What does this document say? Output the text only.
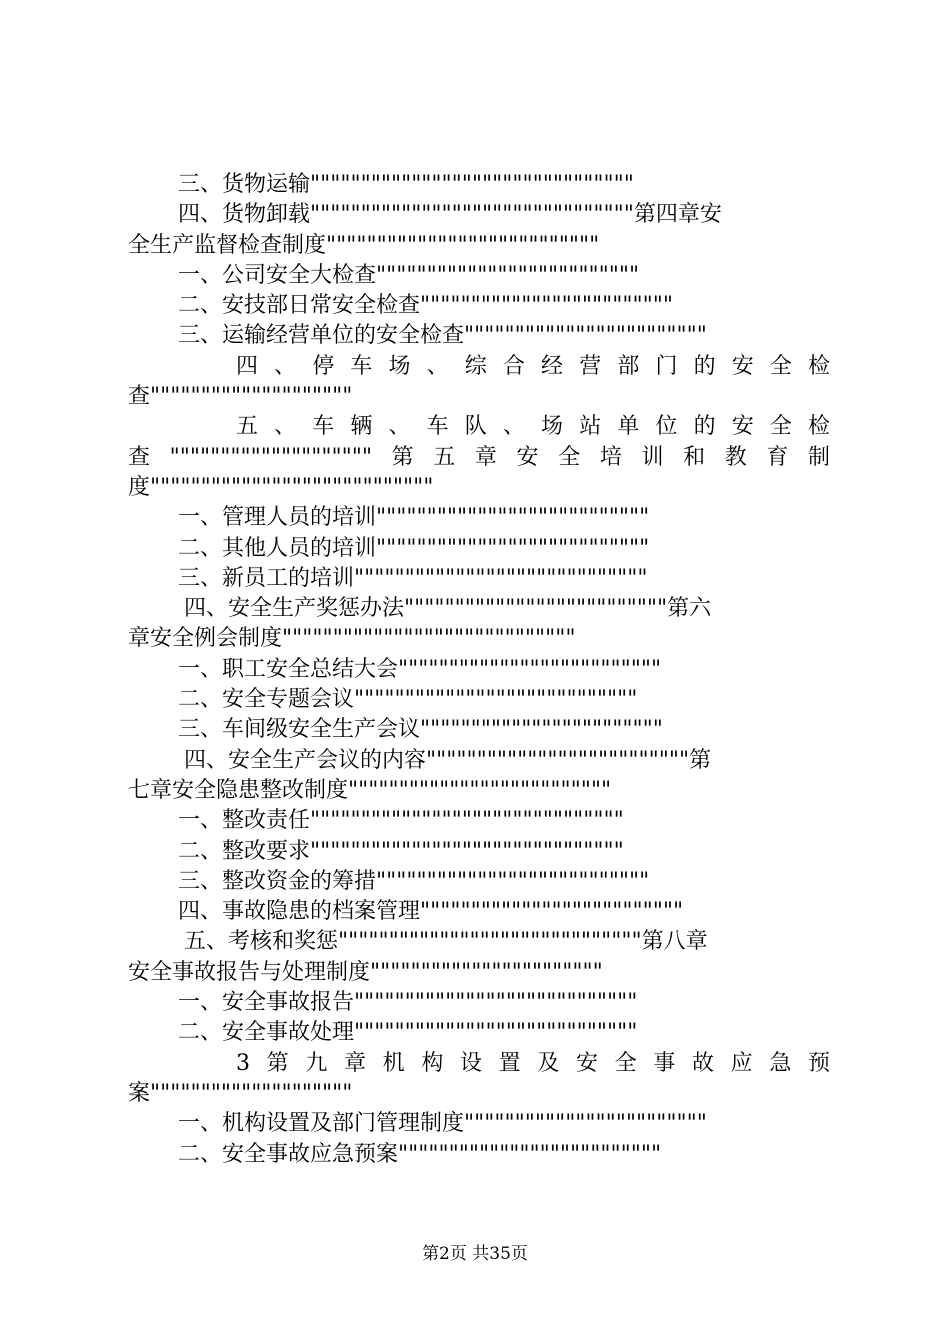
三、货物运输""""""""""""""""""""""""""""""""
四、货物卸载""""""""""""""""""""""""""""""""第四章安
全生产监督检查制度"""""""""""""""""""""""""""
一、公司安全大检查""""""""""""""""""""""""""
二、安技部日常安全检查"""""""""""""""""""""""""
三、运输经营单位的安全检查""""""""""""""""""""""""
四、停车场、综合经营部门的安全检
查""""""""""""""""""""
五、车辆、车队、场站单位的安全检
查""""""""""""""""""""第五章安全培训和教育制
度""""""""""""""""""""""""""""
一、管理人员的培训"""""""""""""""""""""""""""
二、其他人员的培训"""""""""""""""""""""""""""
三、新员工的培训"""""""""""""""""""""""""""""
四、安全生产奖惩办法""""""""""""""""""""""""""第六
章安全例会制度"""""""""""""""""""""""""""""
一、职工安全总结大会""""""""""""""""""""""""""
二、安全专题会议""""""""""""""""""""""""""""
三、车间级安全生产会议""""""""""""""""""""""""
四、安全生产会议的内容""""""""""""""""""""""""""第
七章安全隐患整改制度""""""""""""""""""""""""""
一、整改责任"""""""""""""""""""""""""""""""
二、整改要求"""""""""""""""""""""""""""""""
三、整改资金的筹措"""""""""""""""""""""""""""
四、事故隐患的档案管理""""""""""""""""""""""""""
五、考核和奖惩""""""""""""""""""""""""""""""第八章
安全事故报告与处理制度"""""""""""""""""""""""
一、安全事故报告""""""""""""""""""""""""""""
二、安全事故处理""""""""""""""""""""""""""""
3第九章机构设置及安全事故应急预
案""""""""""""""""""""
一、机构设置及部门管理制度""""""""""""""""""""""""
二、安全事故应急预案""""""""""""""""""""""""""
第2页 共35页
